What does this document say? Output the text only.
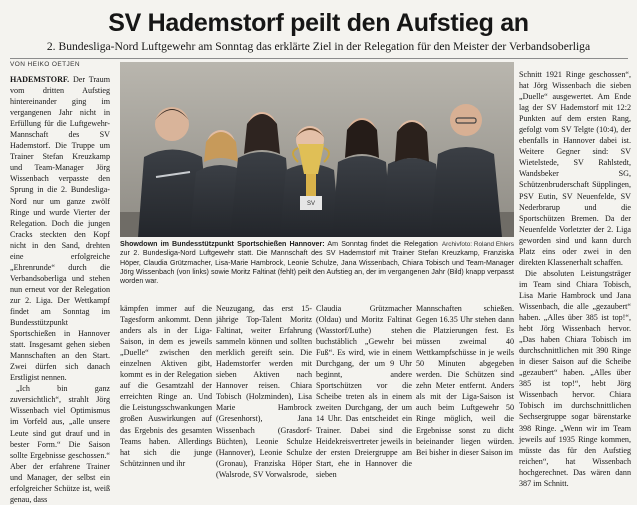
SV Hademstorf peilt den Aufstieg an

2. Bundesliga-Nord Luftgewehr am Sonntag das erklärte Ziel in der Relegation für den Meister der Verbandsoberliga

VON HEIKO OETJEN

HADEMSTORF. Der Traum vom dritten Aufstieg hintereinander ging im vergangenen Jahr nicht in Erfüllung für die Luftgewehr-Mannschaft des SV Hademstorf. Die Truppe um Trainer Stefan Kreuzkamp und Team-Manager Jörg Wissenbach verpasste den Sprung in die 2. Bundesliga-Nord nur um ganze zwölf Ringe und wurde Vierter der Relegation. Doch die jungen Cracks steckten den Kopf nicht in den Sand, drehten eine erfolgreiche „Ehrenrunde“ durch die Verbandsoberliga und stehen nun erneut vor der Relegation zur 2. Liga. Der Wettkampf findet am Sonntag im Bundesstützpunkt Sportschießen in Hannover statt. Insgesamt gehen sieben Mannschaften an den Start. Zwei dürfen sich danach Erstligist nennen.

„Ich bin ganz zuversichtlich“, strahlt Jörg Wissenbach viel Optimismus im Vorfeld aus, „alle unsere Leute sind gut drauf und in bester Form.“ Die Saison sollte Ergebnisse geschossen.“ Aber der erfahrene Trainer und Manager, der selbst ein erfolgreicher Schütze ist, weiß genau, dass

SV
Archivfoto: Roland Ehlers
Showdown im Bundesstützpunkt Sportschießen Hannover: Am Sonntag findet die Relegation zur 2. Bundesliga-Nord Luftgewehr statt. Die Mannschaft des SV Hademstorf mit Trainer Stefan Kreuzkamp, Franziska Höper, Claudia Grützmacher, Lisa-Marie Hambrock, Leonie Schulze, Jana Wissenbach, Chiara Tobisch und Team-Manager Jörg Wissenbach (von links) sowie Moritz Faltinat (fehlt) peilt den Aufstieg an, der im vergangenen Jahr (Bild) knapp verpasst worden war.

kämpfen immer auf die Tagesform ankommt. Denn anders als in der Liga-Saison, in dem es jeweils „Duelle“ zwischen den einzelnen Aktiven gibt, kommt es in der Relegation auf die Gesamtzahl der erreichten Ringe an. Und die Leistungsschwankungen großen Auswirkungen auf das Ergebnis des gesamten Teams haben. Allerdings hat sich die junge Schützinnen und ihr

Neuzugang, das erst 15-jährige Top-Talent Moritz Faltinat, weiter Erfahrung sammeln können und sollten merklich gereift sein. Die Hademstorfer werden mit sieben Aktiven nach Hannover reisen. Chiara Tobisch (Holzminden), Lisa Marie Hambrock (Gresenhorst), Jana Wissenbach (Grasdorf-Büchten), Leonie Schulze (Hannover), Leonie Schulze (Gronau), Franziska Höper (Walsrode, SV Vorwalsrode,

Claudia Grützmacher (Oldau) und Moritz Faltinat (Wasstorf/Luthe) stehen buchstäblich „Gewehr bei Fuß“. Es wird, wie in einem Durchgang, der um 9 Uhr beginnt, andere Sportschützen vor die Scheibe treten als in einem zweiten Durchgang, der um 14 Uhr. Das entscheidet ein Trainer. Dabei sind die Heidekreisvertreter jeweils in der ersten Dreiergruppe am Start, ehe in Hannover die sieben

Mannschaften schießen. Gegen 16.35 Uhr stehen dann die Platzierungen fest. Es müssen zweimal 40 Wettkampfschüsse in je weils 50 Minuten abgegeben werden. Die Schützen sind zehn Meter entfernt. Anders als mit der Liga-Saison ist auch beim Luftgewehr 50 Ringe möglich, weil die Ergebnisse sonst zu dicht beieinander liegen würden. Bei bisher in dieser Saison im

Schnitt 1921 Ringe geschossen“, hat Jörg Wissenbach die sieben „Duelle“ ausgewertet. Am Ende lag der SV Hademstorf mit 12:2 Punkten auf dem ersten Rang, gefolgt vom SV Telgte (10:4), der ebenfalls in Hannover dabei ist. Weitere Gegner sind: SV Wietelstede, SV Rahlstedt, Wandsbeker SG, Schützenbruderschaft Süpplingen, PSV Eutin, SV Neuenfelde, SV Nederbrarup und die Sportschützen Bremen. Da der Neuenfelde Vorletzter der 2. Liga geworden sind und kann durch Platz eins oder zwei in den direkten Klassenerhalt schaffen.

Die absoluten Leistungsträger im Team sind Chiara Tobisch, Lisa Marie Hambrock und Jana Wissenbach, die alle „gezaubert“ haben. „Alles über 385 ist top!“, hebt Jörg Wissenbach hervor. „Das haben Chiara Tobisch im durchschnittlichen mit 390 Ringe in dieser Saison auf die Scheibe „gezaubert“ haben. „Alles über 385 ist top!“, hebt Jörg Wissenbach hervor. Chiara Tobisch im durchschnittlichen Sechsergruppe sogar bärenstarke 398 Ringe. „Wenn wir im Team jeweils auf 1935 Ringe kommen, müsste das für den Aufstieg reichen“, hat Wissenbach hochgerechnet. Das wären dann 387 im Schnitt.
